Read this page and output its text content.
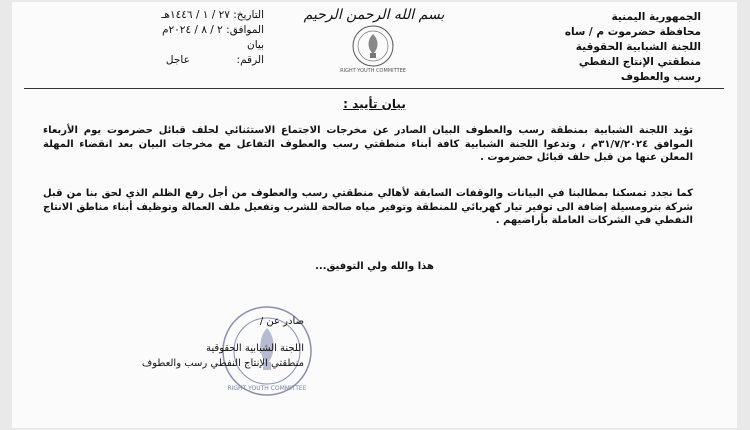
الجمهورية اليمنية
محافظة حضرموت م / ساه
اللجنة الشبابية الحقوقية
منطقتي الإنتاج النفطي
رسب والعطوف
بسم الله الرحمن الرحيم
RIGHT YOUTH COMMITTEE
التاريخ: ٢٧ / ١ / ١٤٤٦هـ
الموافق: ٢ / ٨ / ٢٠٢٤م
بيان
الرقم:  عاجل
بيان تأييد :
تؤيد اللجنة الشبابية بمنطقة رسب والعطوف البيان الصادر عن مخرجات الاجتماع الاستثنائي لحلف قبائل حضرموت يوم الأربعاء الموافق ٣١/٧/٢٠٢٤م ، وتدعوا اللجنة الشبابية كافة أبناء منطقتي رسب والعطوف التفاعل مع مخرجات البيان بعد انقضاء المهلة المعلن عنها من قبل حلف قبائل حضرموت .
كما نجدد تمسكنا بمطالبنا في البيانات والوقفات السابقة لأهالي منطقتي رسب والعطوف من أجل رفع الظلم الذي لحق بنا من قبل شركة بترومسيلة إضافة الى توفير تيار كهربائي للمنطقة وتوفير مياه صالحة للشرب وتفعيل ملف العمالة وتوظيف أبناء مناطق الانتاج النفطي في الشركات العاملة بأراضيهم .
هذا والله ولي التوفيق...
RIGHT YOUTH COMMITTEE
صادر عن /
اللجنة الشبابية الحقوقية
منطقتي الإنتاج النفطي رسب والعطوف
